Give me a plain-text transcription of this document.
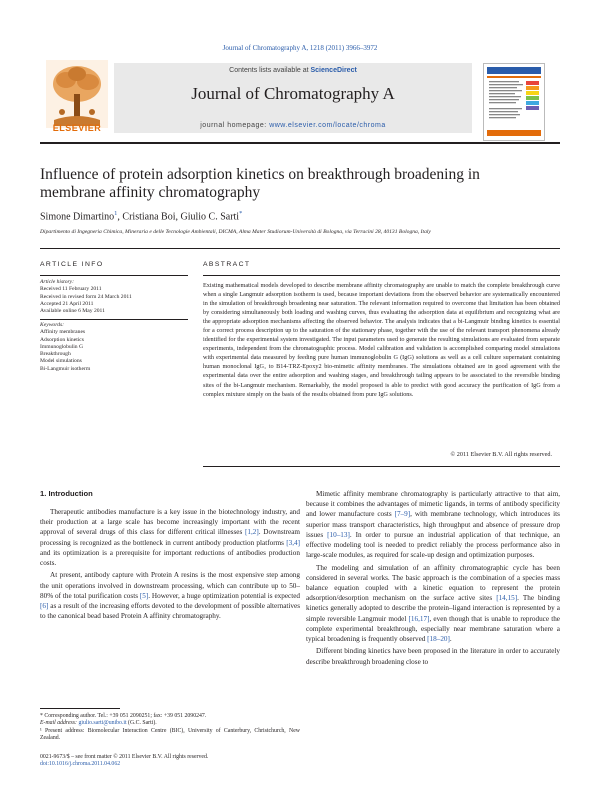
Journal of Chromatography A, 1218 (2011) 3966–3972
ELSEVIER
Contents lists available at ScienceDirect
Journal of Chromatography A
journal homepage: www.elsevier.com/locate/chroma
Influence of protein adsorption kinetics on breakthrough broadening in membrane affinity chromatography
Simone Dimartino$^1$, Cristiana Boi, Giulio C. Sarti*
Dipartimento di Ingegneria Chimica, Mineraria e delle Tecnologie Ambientali, DICMA, Alma Mater Studiorum-Università di Bologna, via Terracini 28, 40131 Bologna, Italy
ARTICLE INFO
Article history:
Received 11 February 2011
Received in revised form 24 March 2011
Accepted 21 April 2011
Available online 6 May 2011
Keywords:
Affinity membranes
Adsorption kinetics
Immunoglobulin G
Breakthrough
Model simulations
Bi-Langmuir isotherm
ABSTRACT
Existing mathematical models developed to describe membrane affinity chromatography are unable to match the complete breakthrough curve when a single Langmuir adsorption isotherm is used, because important deviations from the observed behavior are systematically encountered in the simulation of breakthrough broadening near saturation. The relevant information required to overcome that limitation has been obtained by considering simultaneously both loading and washing curves, thus evaluating the adsorption data at equilibrium and recognizing what are the appropriate adsorption mechanisms affecting the observed behavior. The analysis indicates that a bi-Langmuir binding kinetics is essential for a correct process description up to the saturation of the stationary phase, together with the use of the relevant transport phenomena already identified for the experimental system investigated. The input parameters used to generate the resulting simulations are evaluated from separate experiments, independent from the chromatographic process. Model calibration and validation is accomplished comparing model simulations with experimental data measured by feeding pure human immunoglobulin G (IgG) solutions as well as a cell culture supernatant containing human monoclonal IgG₁ to B14-TRZ-Epoxy2 bio-mimetic affinity membranes. The simulations obtained are in good agreement with the experimental data over the entire adsorption and washing stages, and breakthrough tailing appears to be associated to the reversible binding sites of the bi-Langmuir mechanism. Remarkably, the model proposed is able to predict with good accuracy the purification of IgG from a complex mixture simply on the basis of the results obtained from pure IgG solutions.
© 2011 Elsevier B.V. All rights reserved.
1. Introduction

Therapeutic antibodies manufacture is a key issue in the biotechnology industry, and their production at a large scale has become increasingly important with the recent approval of several drugs of this class for different critical illnesses [1,2]. Downstream processing is recognized as the bottleneck in current antibody production platforms [3,4] and its optimization is a prerequisite for important reductions of antibodies production costs.

At present, antibody capture with Protein A resins is the most expensive step among the unit operations involved in downstream processing, which can contribute up to 50–80% of the total purification costs [5]. However, a huge optimization potential is expected [6] as a result of the increasing efforts devoted to the development of possible alternatives to the canonical bead based Protein A affinity chromatography.

Mimetic affinity membrane chromatography is particularly attractive to that aim, because it combines the advantages of mimetic ligands, in terms of antibody specificity and lower manufacture costs [7–9], with membrane technology, which introduces its superior mass transport characteristics, high throughput and absence of pressure drop issues [10–13]. In order to pursue an industrial application of that technique, an effective modeling tool is needed to predict reliably the process performance also in large-scale modules, as required for scale-up design and optimization purposes.

The modeling and simulation of an affinity chromatographic cycle has been considered in several works. The basic approach is the combination of a species mass balance equation coupled with a kinetic equation to represent the protein adsorption/desorption mechanism on the surface active sites [14,15]. The binding kinetics generally adopted to describe the protein–ligand interaction is represented by a simple reversible Langmuir model [16,17], even though that is unable to reproduce the complete experimental breakthrough, especially near membrane saturation where a typical broadening is frequently observed [18–20].

Different binding kinetics have been proposed in the literature in order to accurately describe breakthrough broadening close to

* Corresponding author. Tel.: +39 051 2090251; fax: +39 051 2090247.
E-mail address: giulio.sarti@unibo.it (G.C. Sarti).
¹ Present address: Biomolecular Interaction Centre (BIC), University of Canterbury, Christchurch, New Zealand.
0021-9673/$ – see front matter © 2011 Elsevier B.V. All rights reserved.
doi:10.1016/j.chroma.2011.04.062
